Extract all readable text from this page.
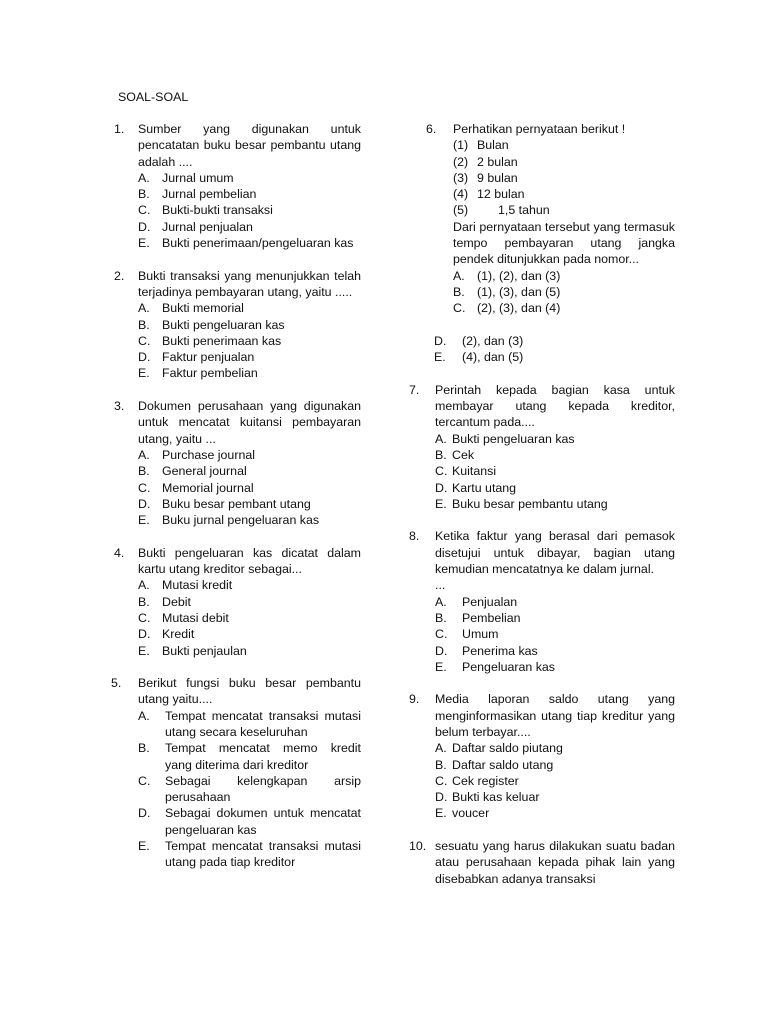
SOAL-SOAL
1.	Sumber yang digunakan untuk pencatatan buku besar pembantu utang adalah ....
A. Jurnal umum
B. Jurnal pembelian
C. Bukti-bukti transaksi
D. Jurnal penjualan
E. Bukti penerimaan/pengeluaran kas
2.	Bukti transaksi yang menunjukkan telah terjadinya pembayaran utang, yaitu .....
A. Bukti memorial
B. Bukti pengeluaran kas
C. Bukti penerimaan kas
D. Faktur penjualan
E. Faktur pembelian
3.	Dokumen perusahaan yang digunakan untuk mencatat kuitansi pembayaran utang, yaitu ...
A. Purchase journal
B. General journal
C. Memorial journal
D. Buku besar pembant utang
E. Buku jurnal pengeluaran kas
4.	Bukti pengeluaran kas dicatat dalam kartu utang kreditor sebagai...
A. Mutasi kredit
B. Debit
C. Mutasi debit
D. Kredit
E. Bukti penjaulan
5.	Berikut fungsi buku besar pembantu utang yaitu....
A.	Tempat mencatat transaksi mutasi utang secara keseluruhan
B.	Tempat mencatat memo kredit yang diterima dari kreditor
C.	Sebagai kelengkapan arsip perusahaan
D.	Sebagai dokumen untuk mencatat pengeluaran kas
E.	Tempat mencatat transaksi mutasi utang pada tiap kreditor
6.	Perhatikan pernyataan berikut !
(1) Bulan
(2) 2 bulan
(3) 9 bulan
(4) 12 bulan
(5)	1,5 tahun
Dari pernyataan tersebut yang termasuk tempo pembayaran utang jangka pendek ditunjukkan pada nomor...
A. (1), (2), dan (3)
B. (1), (3), dan (5)
C. (2), (3), dan (4)
D.	(2), dan (3)
E.	(4), dan (5)
7.	Perintah kepada bagian kasa untuk membayar utang kepada kreditor, tercantum pada....
A. Bukti pengeluaran kas
B. Cek
C. Kuitansi
D. Kartu utang
E. Buku besar pembantu utang
8.	Ketika faktur yang berasal dari pemasok disetujui untuk dibayar, bagian utang kemudian mencatatnya ke dalam jurnal.
...
A.	Penjualan
B.	Pembelian
C.	Umum
D.	Penerima kas
E.	Pengeluaran kas
9.	Media laporan saldo utang yang menginformasikan utang tiap kreditur yang belum terbayar....
A. Daftar saldo piutang
B. Daftar saldo utang
C. Cek register
D. Bukti kas keluar
E. voucer
10. sesuatu yang harus dilakukan suatu badan atau perusahaan kepada pihak lain yang disebabkan adanya transaksi
